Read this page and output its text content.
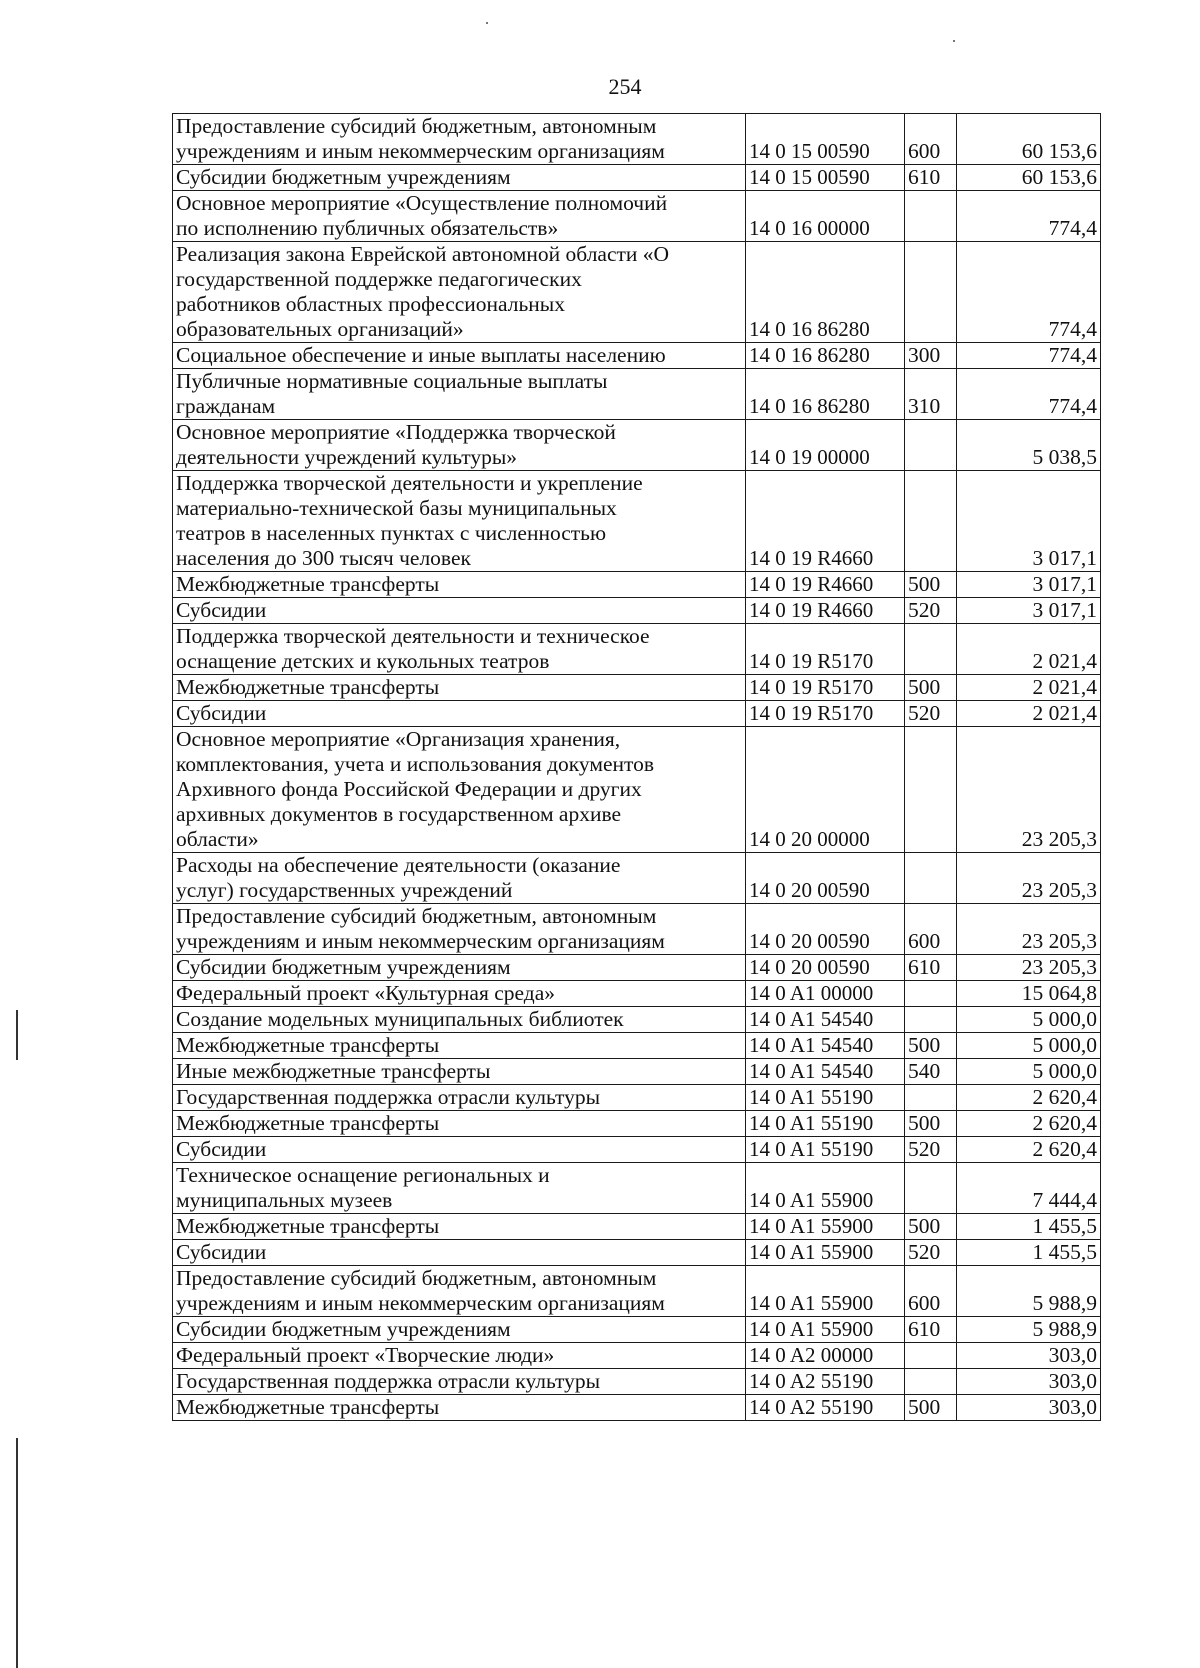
254
Предоставление субсидий бюджетным, автономным
учреждениям и иным некоммерческим организациям	14 0 15 00590	600	60 153,6
Субсидии бюджетным учреждениям	14 0 15 00590	610	60 153,6
Основное мероприятие «Осуществление полномочий
по исполнению публичных обязательств»	14 0 16 00000		774,4
Реализация закона Еврейской автономной области «О
государственной поддержке педагогических
работников областных профессиональных
образовательных организаций»	14 0 16 86280		774,4
Социальное обеспечение и иные выплаты населению	14 0 16 86280	300	774,4
Публичные нормативные социальные выплаты
гражданам	14 0 16 86280	310	774,4
Основное мероприятие «Поддержка творческой
деятельности учреждений культуры»	14 0 19 00000		5 038,5
Поддержка творческой деятельности и укрепление
материально-технической базы муниципальных
театров в населенных пунктах с численностью
населения до 300 тысяч человек	14 0 19 R4660		3 017,1
Межбюджетные трансферты	14 0 19 R4660	500	3 017,1
Субсидии	14 0 19 R4660	520	3 017,1
Поддержка творческой деятельности и техническое
оснащение детских и кукольных театров	14 0 19 R5170		2 021,4
Межбюджетные трансферты	14 0 19 R5170	500	2 021,4
Субсидии	14 0 19 R5170	520	2 021,4
Основное мероприятие «Организация хранения,
комплектования, учета и использования документов
Архивного фонда Российской Федерации и других
архивных документов в государственном архиве
области»	14 0 20 00000		23 205,3
Расходы на обеспечение деятельности (оказание
услуг) государственных учреждений	14 0 20 00590		23 205,3
Предоставление субсидий бюджетным, автономным
учреждениям и иным некоммерческим организациям	14 0 20 00590	600	23 205,3
Субсидии бюджетным учреждениям	14 0 20 00590	610	23 205,3
Федеральный проект «Культурная среда»	14 0 A1 00000		15 064,8
Создание модельных муниципальных библиотек	14 0 A1 54540		5 000,0
Межбюджетные трансферты	14 0 A1 54540	500	5 000,0
Иные межбюджетные трансферты	14 0 A1 54540	540	5 000,0
Государственная поддержка отрасли культуры	14 0 A1 55190		2 620,4
Межбюджетные трансферты	14 0 A1 55190	500	2 620,4
Субсидии	14 0 A1 55190	520	2 620,4
Техническое оснащение региональных и
муниципальных музеев	14 0 A1 55900		7 444,4
Межбюджетные трансферты	14 0 A1 55900	500	1 455,5
Субсидии	14 0 A1 55900	520	1 455,5
Предоставление субсидий бюджетным, автономным
учреждениям и иным некоммерческим организациям	14 0 A1 55900	600	5 988,9
Субсидии бюджетным учреждениям	14 0 A1 55900	610	5 988,9
Федеральный проект «Творческие люди»	14 0 A2 00000		303,0
Государственная поддержка отрасли культуры	14 0 A2 55190		303,0
Межбюджетные трансферты	14 0 A2 55190	500	303,0
